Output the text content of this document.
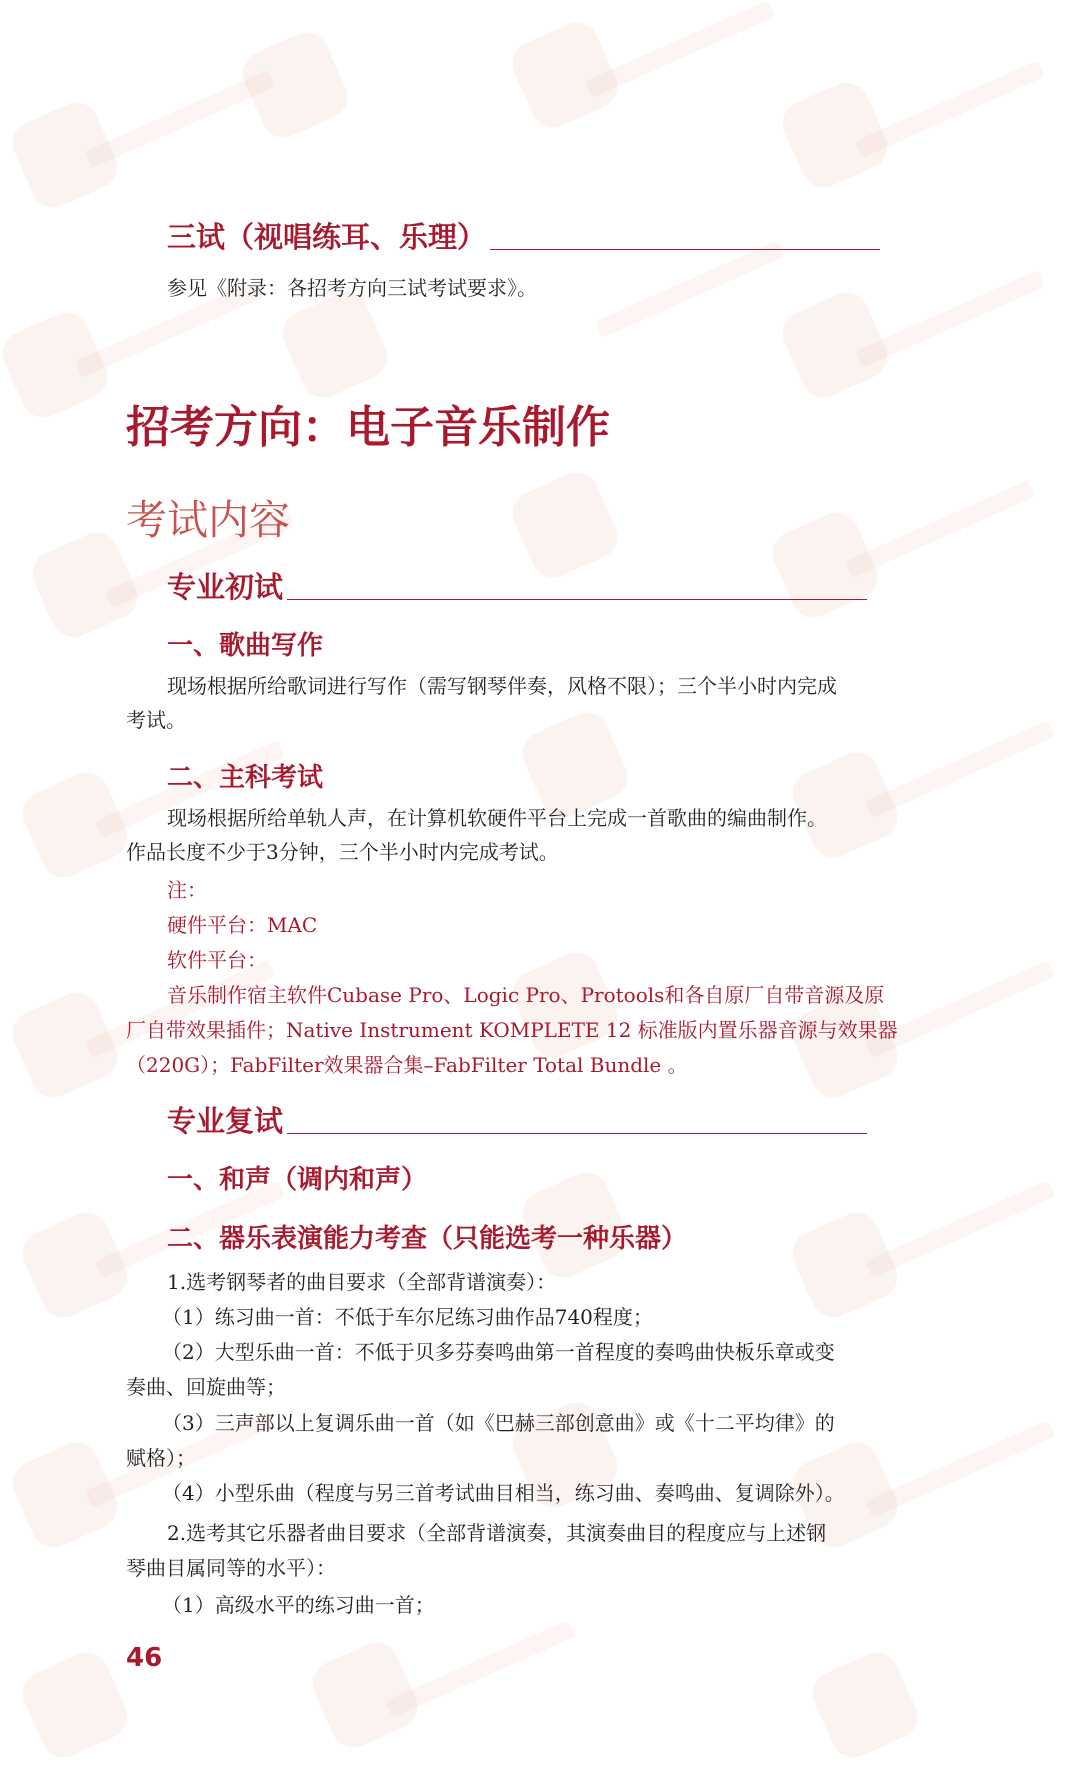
三试（视唱练耳、乐理）
参见《附录：各招考方向三试考试要求》。
招考方向：电子音乐制作
考试内容
专业初试
一、歌曲写作
现场根据所给歌词进行写作（需写钢琴伴奏，风格不限）；三个半小时内完成
考试。
二、主科考试
现场根据所给单轨人声，在计算机软硬件平台上完成一首歌曲的编曲制作。
作品长度不少于3分钟，三个半小时内完成考试。
注：
硬件平台：MAC
软件平台：
音乐制作宿主软件Cubase Pro、Logic Pro、Protools和各自原厂自带音源及原
厂自带效果插件；Native Instrument KOMPLETE 12 标准版内置乐器音源与效果器
（220G）；FabFilter效果器合集–FabFilter Total Bundle 。
专业复试
一、和声（调内和声）
二、器乐表演能力考查（只能选考一种乐器）
1.选考钢琴者的曲目要求（全部背谱演奏）：
（1）练习曲一首：不低于车尔尼练习曲作品740程度；
（2）大型乐曲一首：不低于贝多芬奏鸣曲第一首程度的奏鸣曲快板乐章或变
奏曲、回旋曲等；
（3）三声部以上复调乐曲一首（如《巴赫三部创意曲》或《十二平均律》的
赋格）；
（4）小型乐曲（程度与另三首考试曲目相当，练习曲、奏鸣曲、复调除外）。
2.选考其它乐器者曲目要求（全部背谱演奏，其演奏曲目的程度应与上述钢
琴曲目属同等的水平）：
（1）高级水平的练习曲一首；
46
